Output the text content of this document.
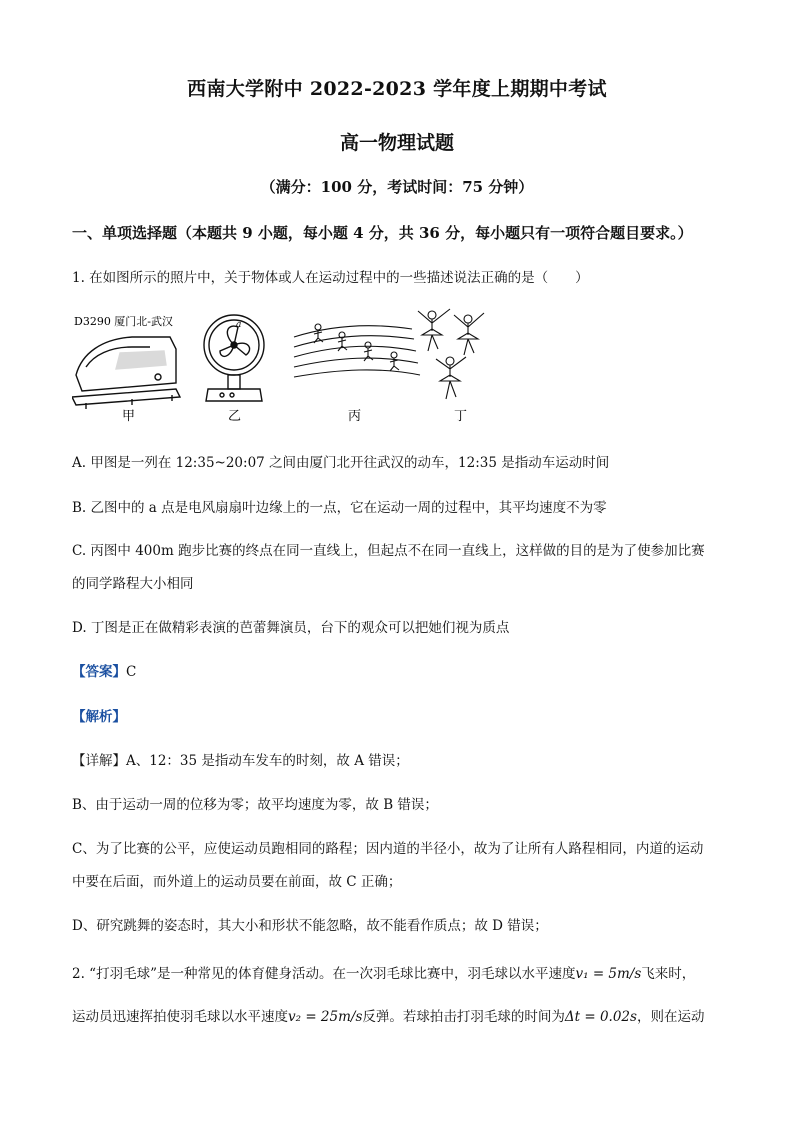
西南大学附中 2022-2023 学年度上期期中考试
高一物理试题
（满分：100 分，考试时间：75 分钟）
一、单项选择题（本题共 9 小题，每小题 4 分，共 36 分，每小题只有一项符合题目要求。）
1. 在如图所示的照片中，关于物体或人在运动过程中的一些描述说法正确的是（　　）
D3290 厦门北-武汉	a
甲	乙	丙	丁
A. 甲图是一列在 12:35~20:07 之间由厦门北开往武汉的动车，12:35 是指动车运动时间
B. 乙图中的 a 点是电风扇扇叶边缘上的一点，它在运动一周的过程中，其平均速度不为零
C. 丙图中 400m 跑步比赛的终点在同一直线上，但起点不在同一直线上，这样做的目的是为了使参加比赛
的同学路程大小相同
D. 丁图是正在做精彩表演的芭蕾舞演员，台下的观众可以把她们视为质点
【答案】C
【解析】
【详解】A、12：35 是指动车发车的时刻，故 A 错误；
B、由于运动一周的位移为零；故平均速度为零，故 B 错误；
C、为了比赛的公平，应使运动员跑相同的路程；因内道的半径小，故为了让所有人路程相同，内道的运动
中要在后面，而外道上的运动员要在前面，故 C 正确；
D、研究跳舞的姿态时，其大小和形状不能忽略，故不能看作质点；故 D 错误；
2. “打羽毛球”是一种常见的体育健身活动。在一次羽毛球比赛中，羽毛球以水平速度v₁ = 5m/s飞来时，
运动员迅速挥拍使羽毛球以水平速度v₂ = 25m/s反弹。若球拍击打羽毛球的时间为Δt = 0.02s，则在运动
